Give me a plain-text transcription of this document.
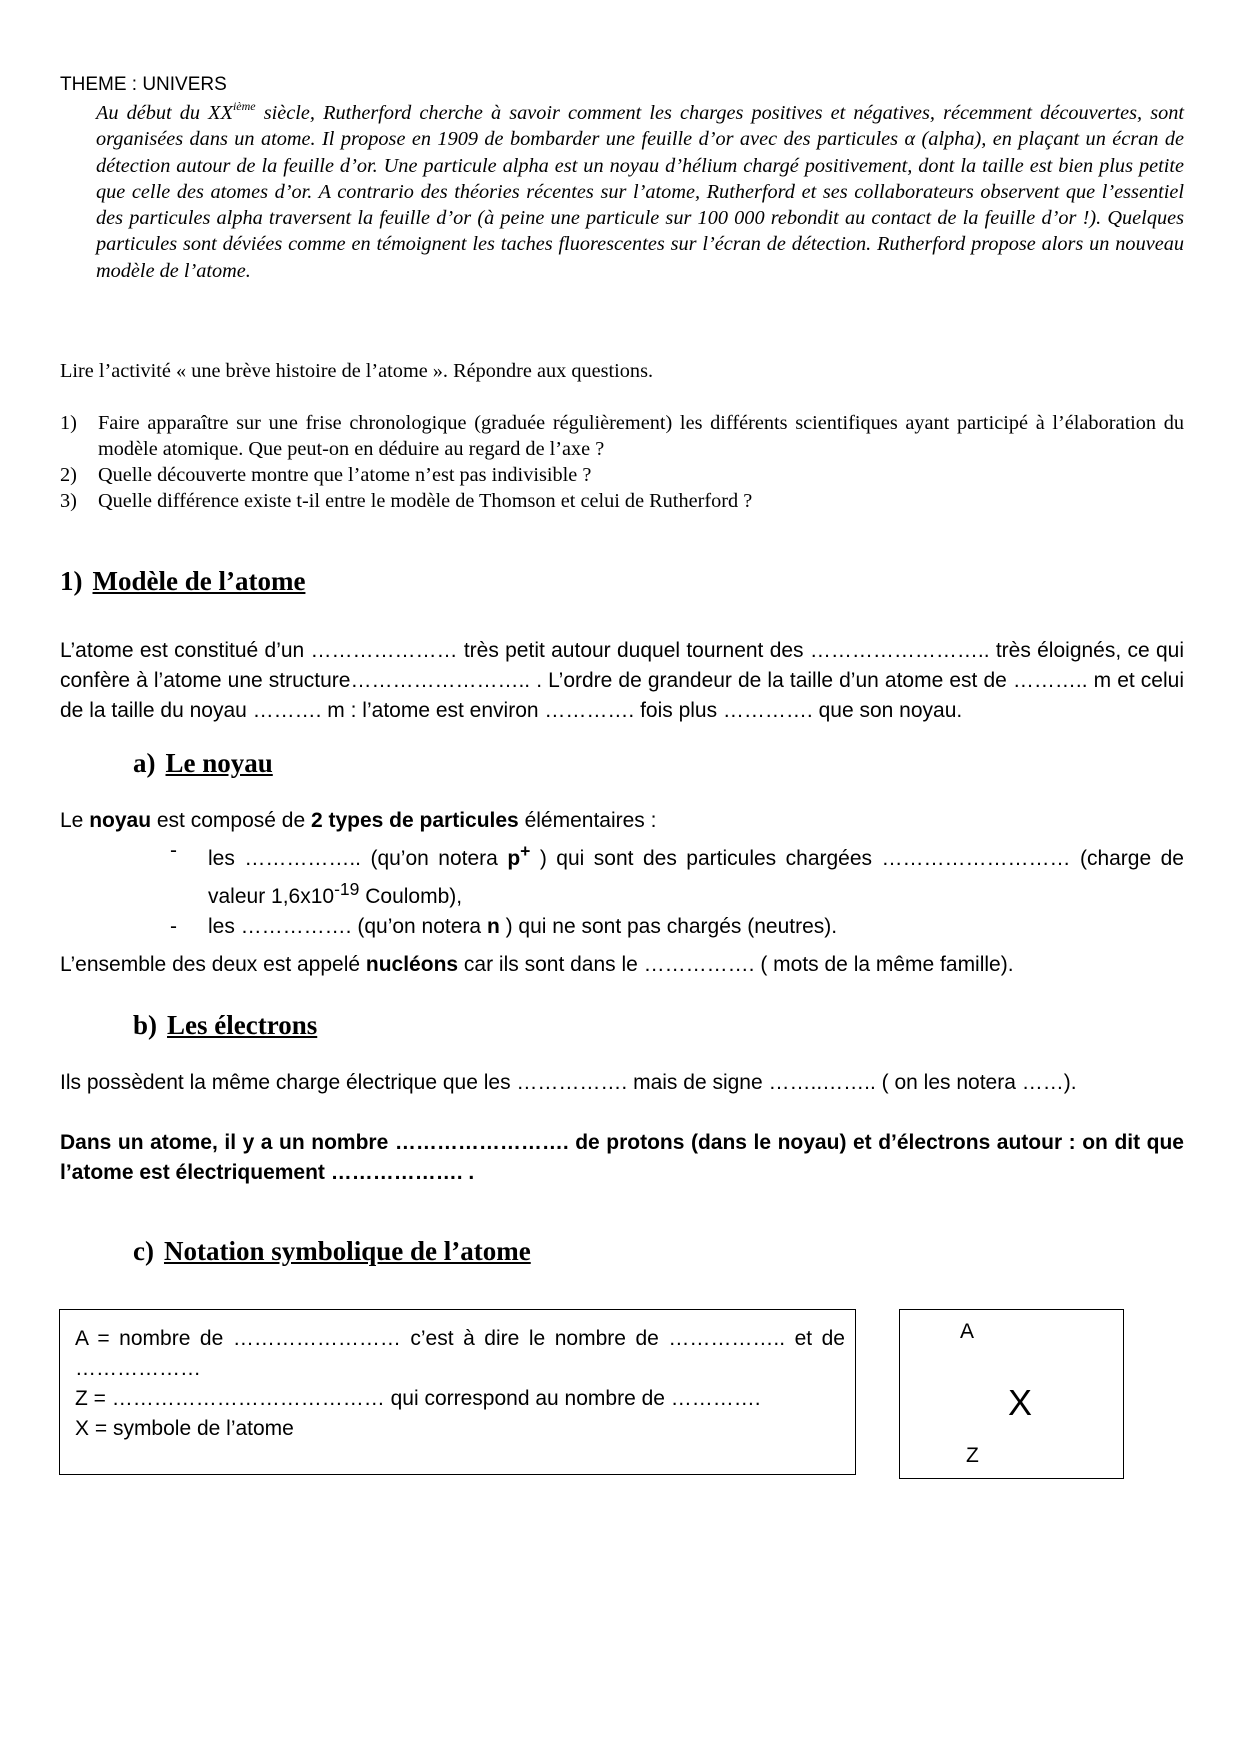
THEME : UNIVERS
Au début du XXième siècle, Rutherford cherche à savoir comment les charges positives et négatives, récemment découvertes, sont organisées dans un atome. Il propose en 1909 de bombarder une feuille d’or avec des particules α (alpha), en plaçant un écran de détection autour de la feuille d’or. Une particule alpha est un noyau d’hélium chargé positivement, dont la taille est bien plus petite que celle des atomes d’or. A contrario des théories récentes sur l’atome, Rutherford et ses collaborateurs observent que l’essentiel des particules alpha traversent la feuille d’or (à peine une particule sur 100 000 rebondit au contact de la feuille d’or !). Quelques particules sont déviées comme en témoignent les taches fluorescentes sur l’écran de détection. Rutherford propose alors un nouveau modèle de l’atome.
Lire l’activité « une brève histoire de l’atome ». Répondre aux questions.
1) Faire apparaître sur une frise chronologique (graduée régulièrement) les différents scientifiques ayant participé à l’élaboration du modèle atomique. Que peut-on en déduire au regard de l’axe ?
2) Quelle découverte montre que l’atome n’est pas indivisible ?
3) Quelle différence existe t-il entre le modèle de Thomson et celui de Rutherford ?
1) Modèle de l’atome
L’atome est constitué d’un ………………… très petit autour duquel tournent des …………………….. très éloignés, ce qui confère à l’atome une structure…………………….. . L’ordre de grandeur de la taille d’un atome est de ……….. m et celui de la taille du noyau ………. m : l’atome est environ …………. fois plus …………. que son noyau.
a) Le noyau
Le noyau est composé de 2 types de particules élémentaires :
- les …………….. (qu’on notera p+ ) qui sont des particules chargées ……………………… (charge de valeur $1,6x10^{-19}$ Coulomb),
- les ……………. (qu’on notera n ) qui ne sont pas chargés (neutres).
L’ensemble des deux est appelé nucléons car ils sont dans le ……………. ( mots de la même famille).
b) Les électrons
Ils possèdent la même charge électrique que les ……………. mais de signe ……..…….. ( on les notera ……).
Dans un atome, il y a un nombre ……………………. de protons (dans le noyau) et d’électrons autour : on dit que l’atome est électriquement ………………. .
c) Notation symbolique de l’atome
A = nombre de …………………… c’est à dire le nombre de …………….. et de ………………
Z = ………………………………… qui correspond au nombre de ………….
X = symbole de l’atome
A
X
Z
